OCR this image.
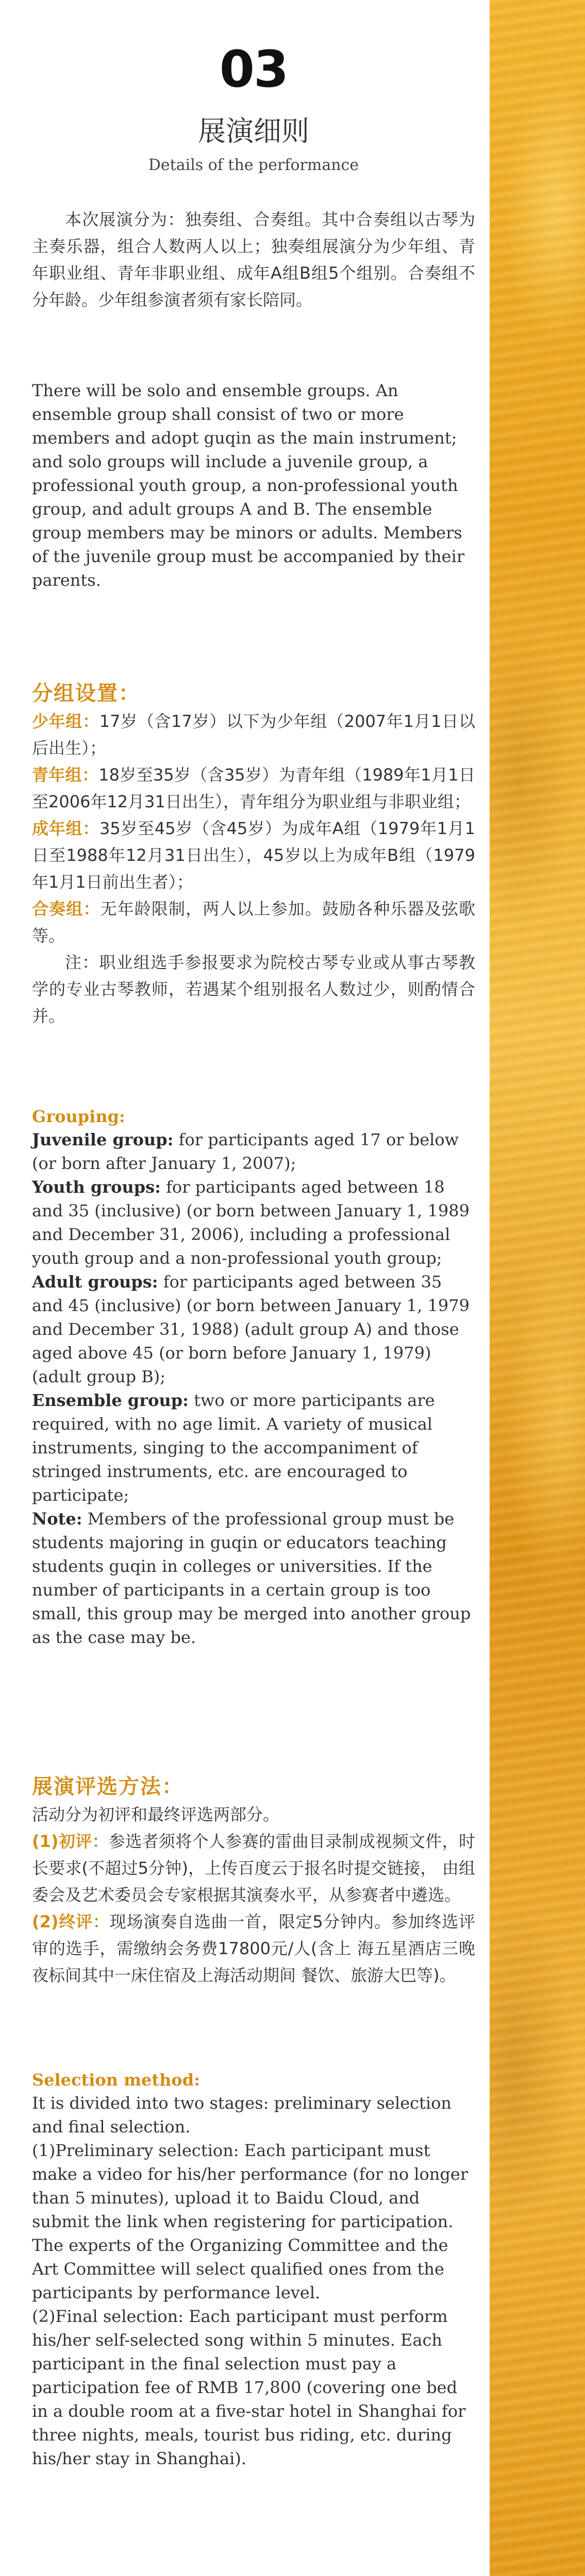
03
展演细则
Details of the performance

本次展演分为：独奏组、合奏组。其中合奏组以古琴为主奏乐器，组合人数两人以上；独奏组展演分为少年组、青年职业组、青年非职业组、成年A组B组5个组别。合奏组不分年龄。少年组参演者须有家长陪同。

There will be solo and ensemble groups. An ensemble group shall consist of two or more members and adopt guqin as the main instrument; and solo groups will include a juvenile group, a professional youth group, a non-professional youth group, and adult groups A and B. The ensemble group members may be minors or adults. Members of the juvenile group must be accompanied by their parents.

分组设置：

少年组：17岁（含17岁）以下为少年组（2007年1月1日以后出生）；

青年组：18岁至35岁（含35岁）为青年组（1989年1月1日至2006年12月31日出生），青年组分为职业组与非职业组；

成年组：35岁至45岁（含45岁）为成年A组（1979年1月1日至1988年12月31日出生），45岁以上为成年B组（1979年1月1日前出生者）；

合奏组：无年龄限制，两人以上参加。鼓励各种乐器及弦歌等。

注：职业组选手参报要求为院校古琴专业或从事古琴教学的专业古琴教师，若遇某个组别报名人数过少，则酌情合并。

Grouping:

Juvenile group: for participants aged 17 or below (or born after January 1, 2007);

Youth groups: for participants aged between 18 and 35 (inclusive) (or born between January 1, 1989 and December 31, 2006), including a professional youth group and a non-professional youth group;

Adult groups: for participants aged between 35 and 45 (inclusive) (or born between January 1, 1979 and December 31, 1988) (adult group A) and those aged above 45 (or born before January 1, 1979) (adult group B);

Ensemble group: two or more participants are required, with no age limit. A variety of musical instruments, singing to the accompaniment of stringed instruments, etc. are encouraged to participate;

Note: Members of the professional group must be students majoring in guqin or educators teaching students guqin in colleges or universities. If the number of participants in a certain group is too small, this group may be merged into another group as the case may be.

展演评选方法：

活动分为初评和最终评选两部分。

(1)初评：参选者须将个人参赛的雷曲目录制成视频文件，时长要求(不超过5分钟)，上传百度云于报名时提交链接， 由组委会及艺术委员会专家根据其演奏水平，从参赛者中遴选。

(2)终评：现场演奏自选曲一首，限定5分钟内。参加终选评审的选手，需缴纳会务费17800元/人(含上 海五星酒店三晚夜标间其中一床住宿及上海活动期间 餐饮、旅游大巴等)。

Selection method:

It is divided into two stages: preliminary selection and final selection.

(1)Preliminary selection: Each participant must make a video for his/her performance (for no longer than 5 minutes), upload it to Baidu Cloud, and submit the link when registering for participation. The experts of the Organizing Committee and the Art Committee will select qualified ones from the participants by performance level.

(2)Final selection: Each participant must perform his/her self-selected song within 5 minutes. Each participant in the final selection must pay a participation fee of RMB 17,800 (covering one bed in a double room at a five-star hotel in Shanghai for three nights, meals, tourist bus riding, etc. during his/her stay in Shanghai).
